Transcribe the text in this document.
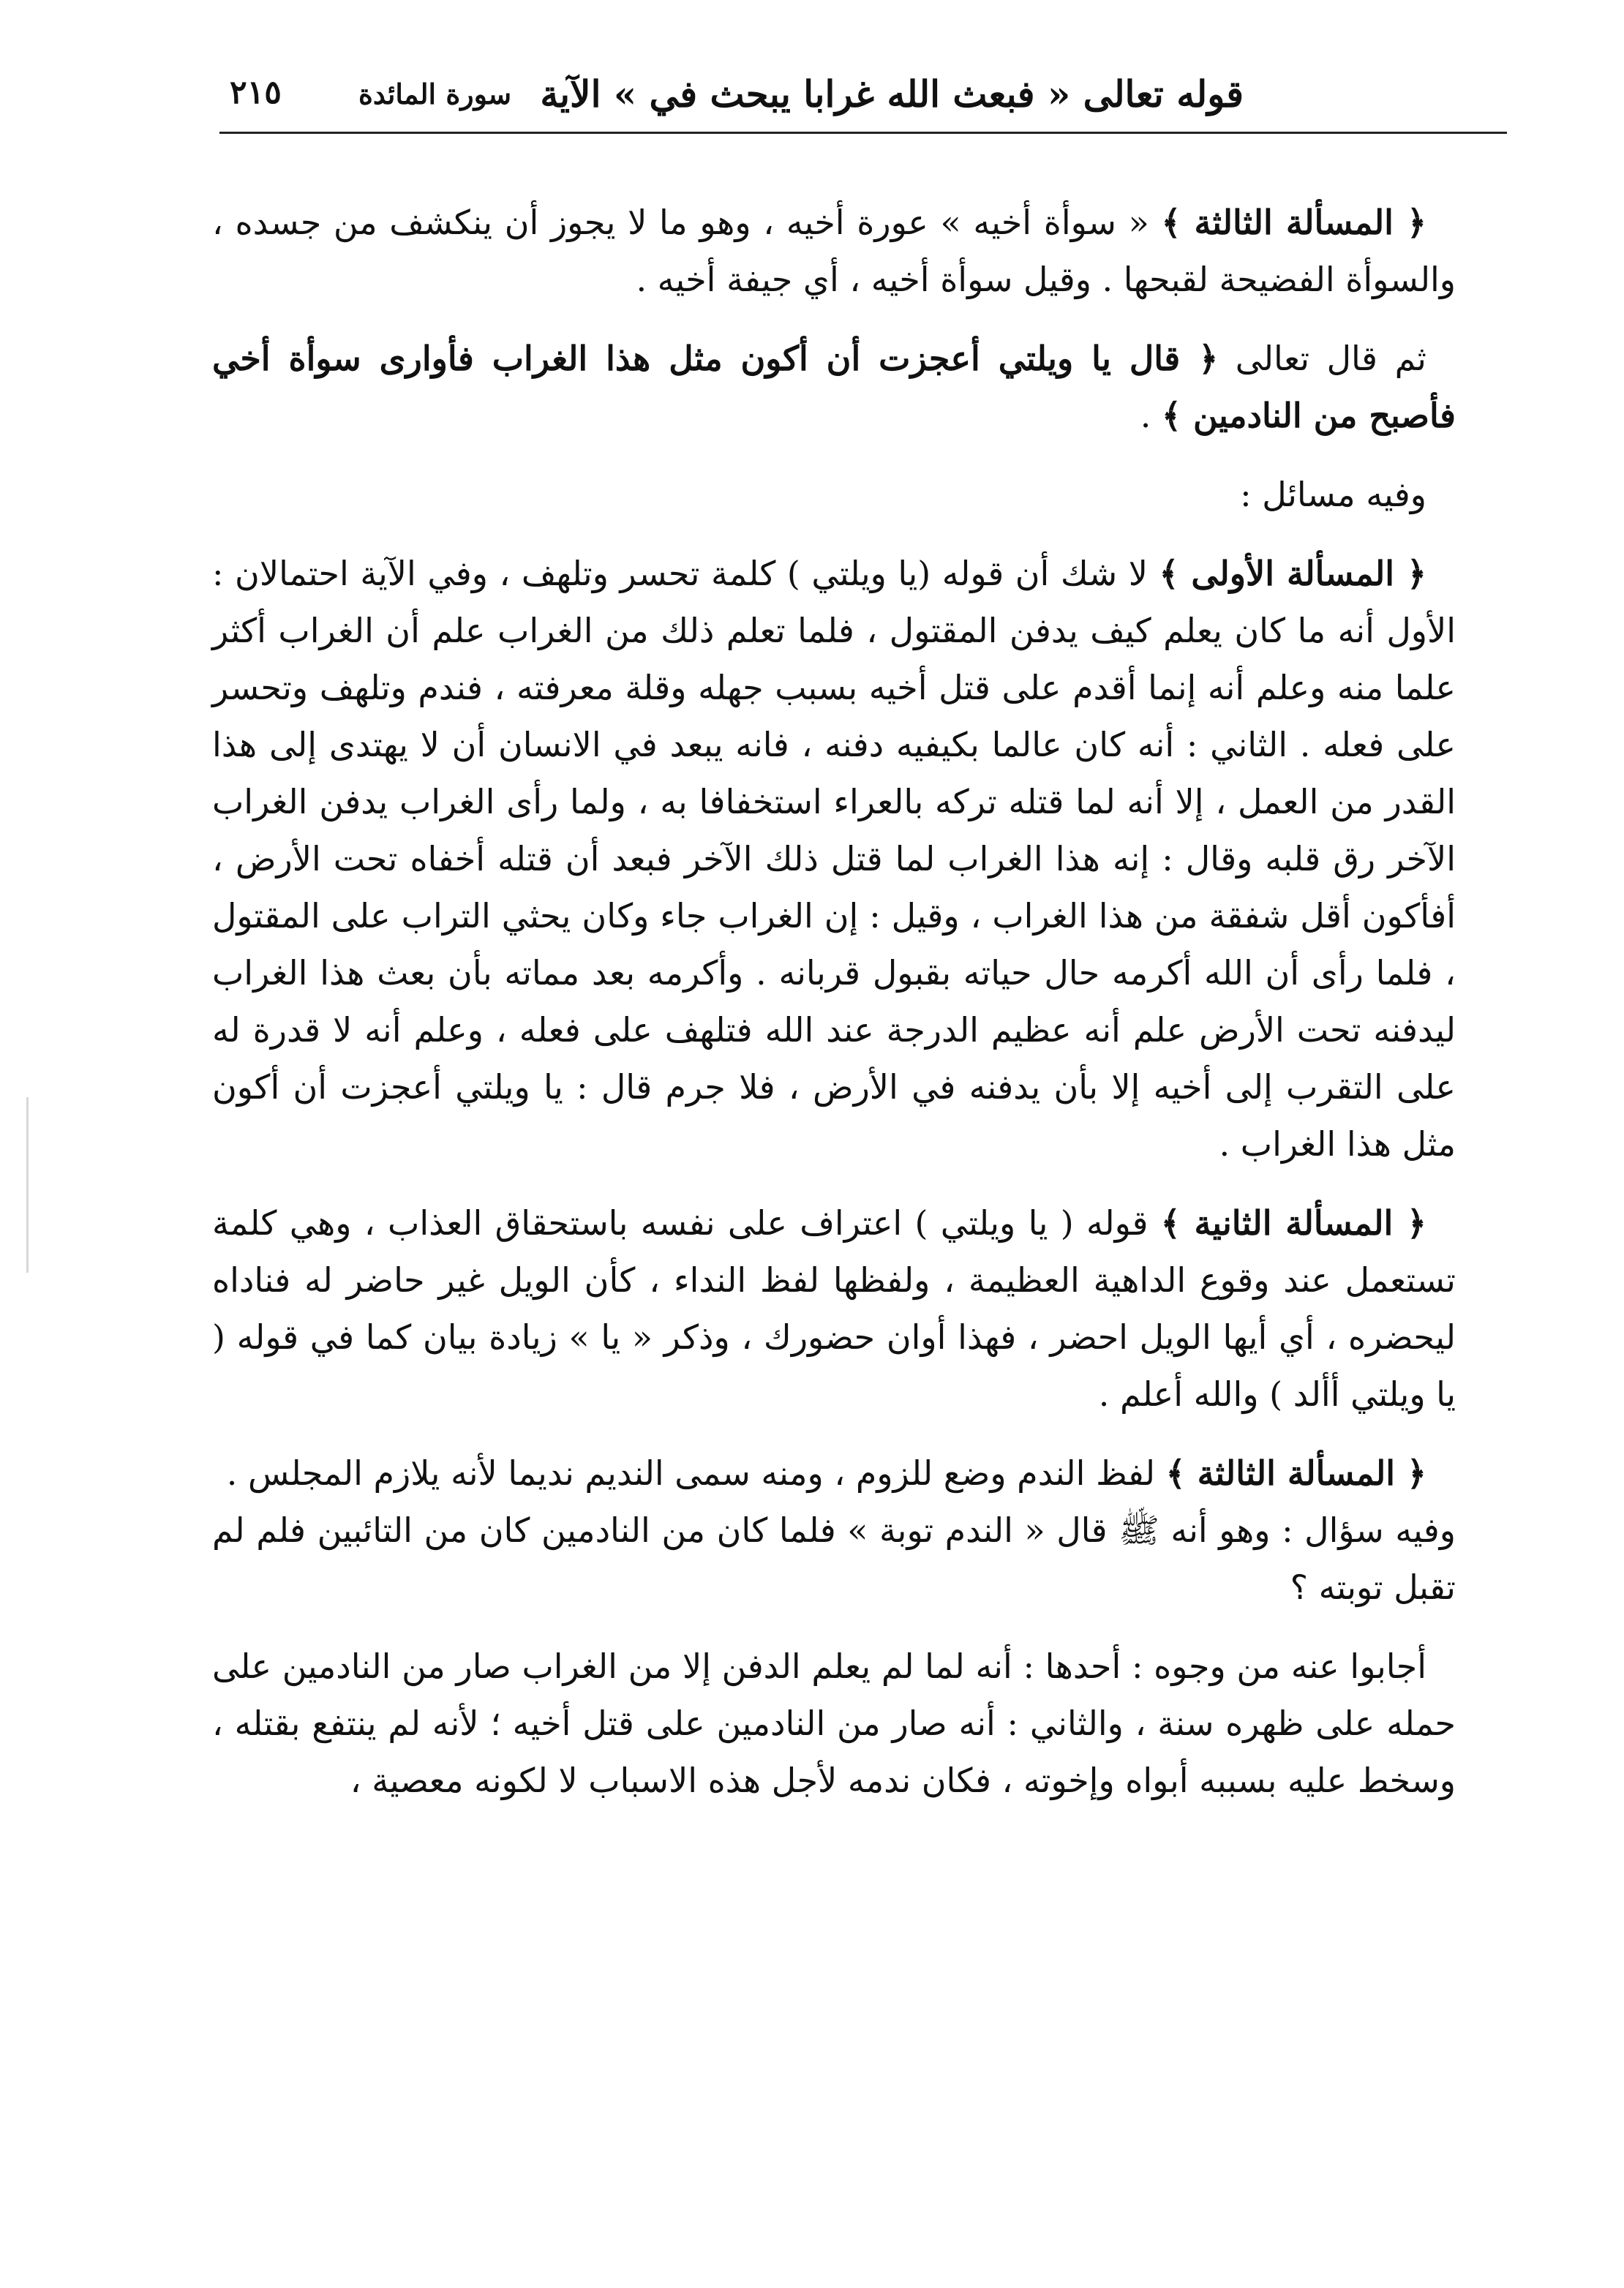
قوله تعالى « فبعث الله غرابا يبحث في » الآية
سورة المائدة
٢١٥

﴿ المسألة الثالثة ﴾ « سوأة أخيه » عورة أخيه ، وهو ما لا يجوز أن ينكشف من جسده ، والسوأة الفضيحة لقبحها . وقيل سوأة أخيه ، أي جيفة أخيه .

ثم قال تعالى ﴿ قال يا ويلتي أعجزت أن أكون مثل هذا الغراب فأوارى سوأة أخي فأصبح من النادمين ﴾ .

وفيه مسائل :

﴿ المسألة الأولى ﴾ لا شك أن قوله (يا ويلتي ) كلمة تحسر وتلهف ، وفي الآية احتمالان : الأول أنه ما كان يعلم كيف يدفن المقتول ، فلما تعلم ذلك من الغراب علم أن الغراب أكثر علما منه وعلم أنه إنما أقدم على قتل أخيه بسبب جهله وقلة معرفته ، فندم وتلهف وتحسر على فعله . الثاني : أنه كان عالما بكيفيه دفنه ، فانه يبعد في الانسان أن لا يهتدى إلى هذا القدر من العمل ، إلا أنه لما قتله تركه بالعراء استخفافا به ، ولما رأى الغراب يدفن الغراب الآخر رق قلبه وقال : إنه هذا الغراب لما قتل ذلك الآخر فبعد أن قتله أخفاه تحت الأرض ، أفأكون أقل شفقة من هذا الغراب ، وقيل : إن الغراب جاء وكان يحثي التراب على المقتول ، فلما رأى أن الله أكرمه حال حياته بقبول قربانه . وأكرمه بعد مماته بأن بعث هذا الغراب ليدفنه تحت الأرض علم أنه عظيم الدرجة عند الله فتلهف على فعله ، وعلم أنه لا قدرة له على التقرب إلى أخيه إلا بأن يدفنه في الأرض ، فلا جرم قال : يا ويلتي أعجزت أن أكون مثل هذا الغراب .

﴿ المسألة الثانية ﴾ قوله ( يا ويلتي ) اعتراف على نفسه باستحقاق العذاب ، وهي كلمة تستعمل عند وقوع الداهية العظيمة ، ولفظها لفظ النداء ، كأن الويل غير حاضر له فناداه ليحضره ، أي أيها الويل احضر ، فهذا أوان حضورك ، وذكر « يا » زيادة بيان كما في قوله ( يا ويلتي أألد ) والله أعلم .

﴿ المسألة الثالثة ﴾ لفظ الندم وضع للزوم ، ومنه سمى النديم نديما لأنه يلازم المجلس .

وفيه سؤال : وهو أنه ﷺ قال « الندم توبة » فلما كان من النادمين كان من التائبين فلم لم تقبل توبته ؟

أجابوا عنه من وجوه : أحدها : أنه لما لم يعلم الدفن إلا من الغراب صار من النادمين على حمله على ظهره سنة ، والثاني : أنه صار من النادمين على قتل أخيه ؛ لأنه لم ينتفع بقتله ، وسخط عليه بسببه أبواه وإخوته ، فكان ندمه لأجل هذه الاسباب لا لكونه معصية ،
